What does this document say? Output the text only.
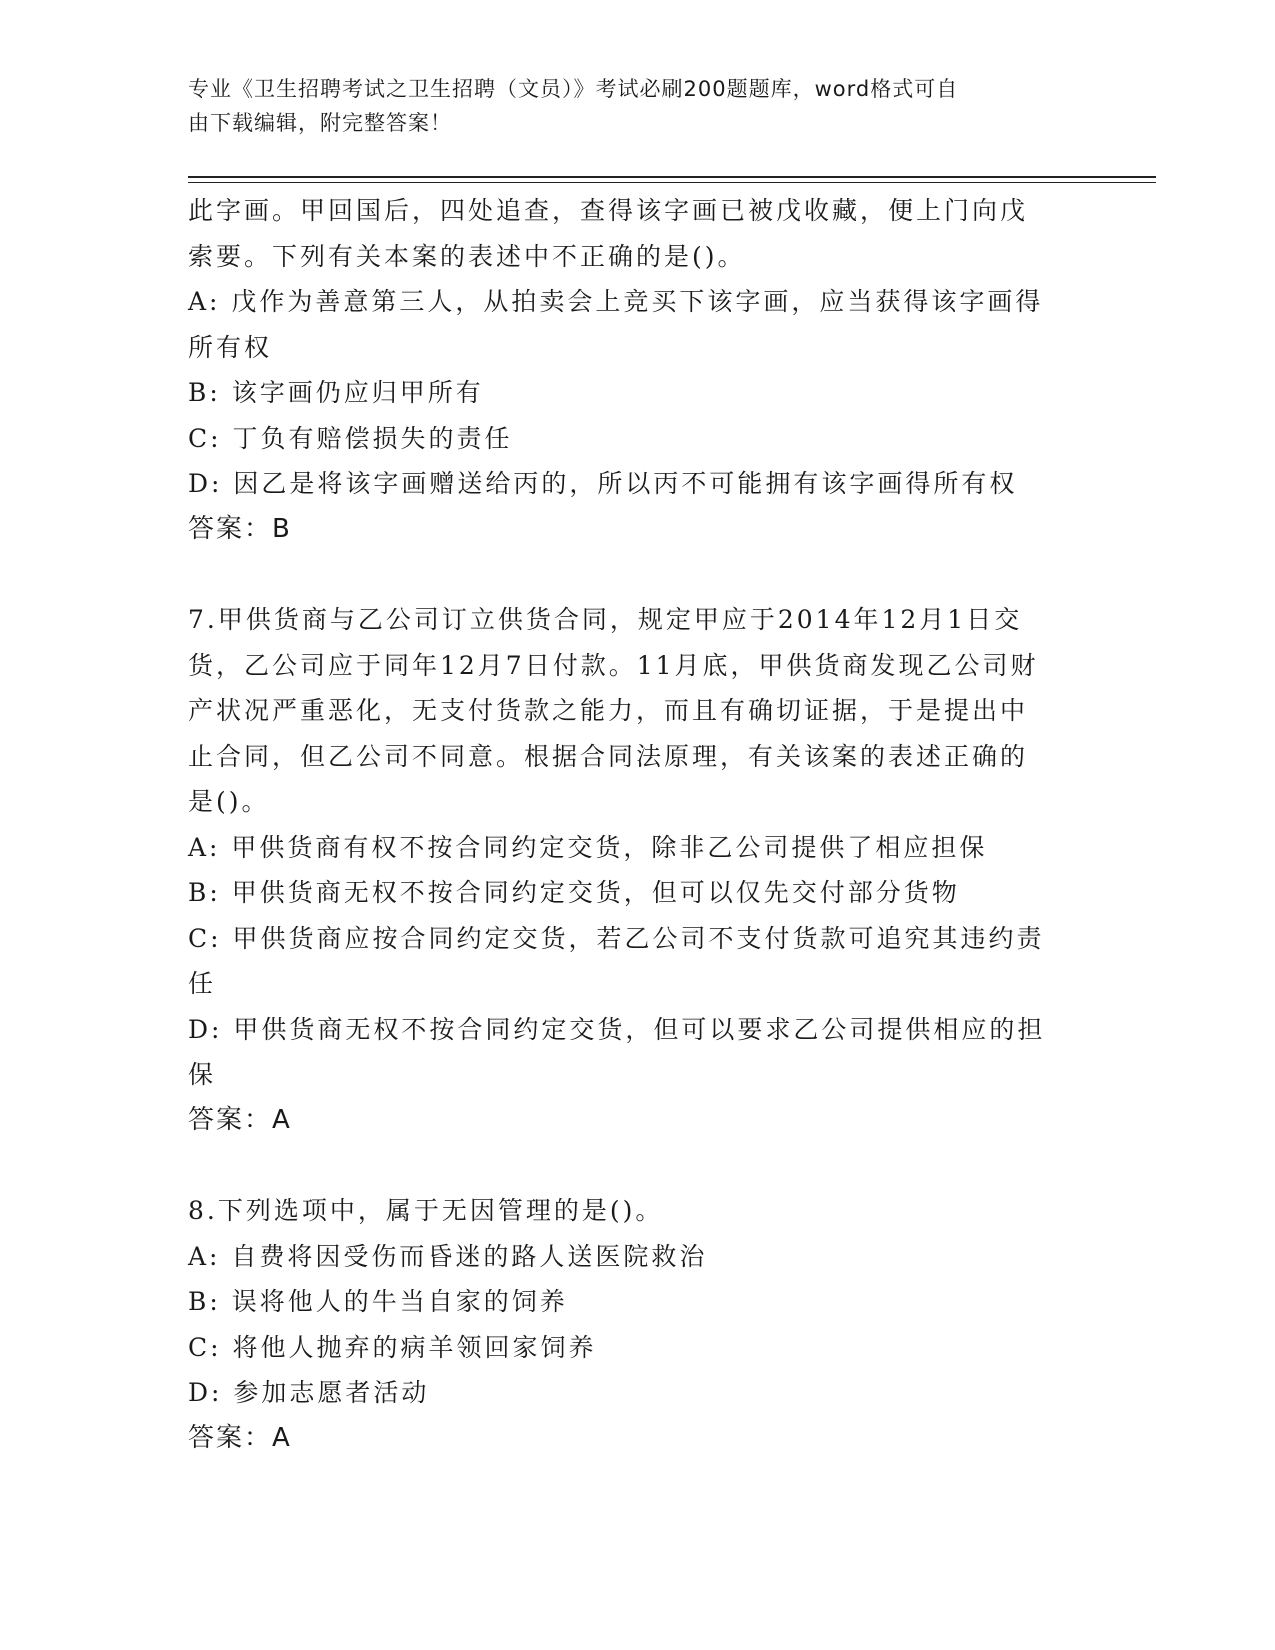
专业《卫生招聘考试之卫生招聘（文员）》考试必刷200题题库，word格式可自
由下载编辑，附完整答案！

此字画。甲回国后，四处追查，查得该字画已被戊收藏，便上门向戊

索要。下列有关本案的表述中不正确的是()。

A: 戊作为善意第三人，从拍卖会上竞买下该字画，应当获得该字画得

所有权

B: 该字画仍应归甲所有

C: 丁负有赔偿损失的责任

D: 因乙是将该字画赠送给丙的，所以丙不可能拥有该字画得所有权

答案：B

7.甲供货商与乙公司订立供货合同，规定甲应于2014年12月1日交

货，乙公司应于同年12月7日付款。11月底，甲供货商发现乙公司财

产状况严重恶化，无支付货款之能力，而且有确切证据，于是提出中

止合同，但乙公司不同意。根据合同法原理，有关该案的表述正确的

是()。

A: 甲供货商有权不按合同约定交货，除非乙公司提供了相应担保

B: 甲供货商无权不按合同约定交货，但可以仅先交付部分货物

C: 甲供货商应按合同约定交货，若乙公司不支付货款可追究其违约责

任

D: 甲供货商无权不按合同约定交货，但可以要求乙公司提供相应的担

保

答案：A

8.下列选项中，属于无因管理的是()。

A: 自费将因受伤而昏迷的路人送医院救治

B: 误将他人的牛当自家的饲养

C: 将他人抛弃的病羊领回家饲养

D: 参加志愿者活动

答案：A
